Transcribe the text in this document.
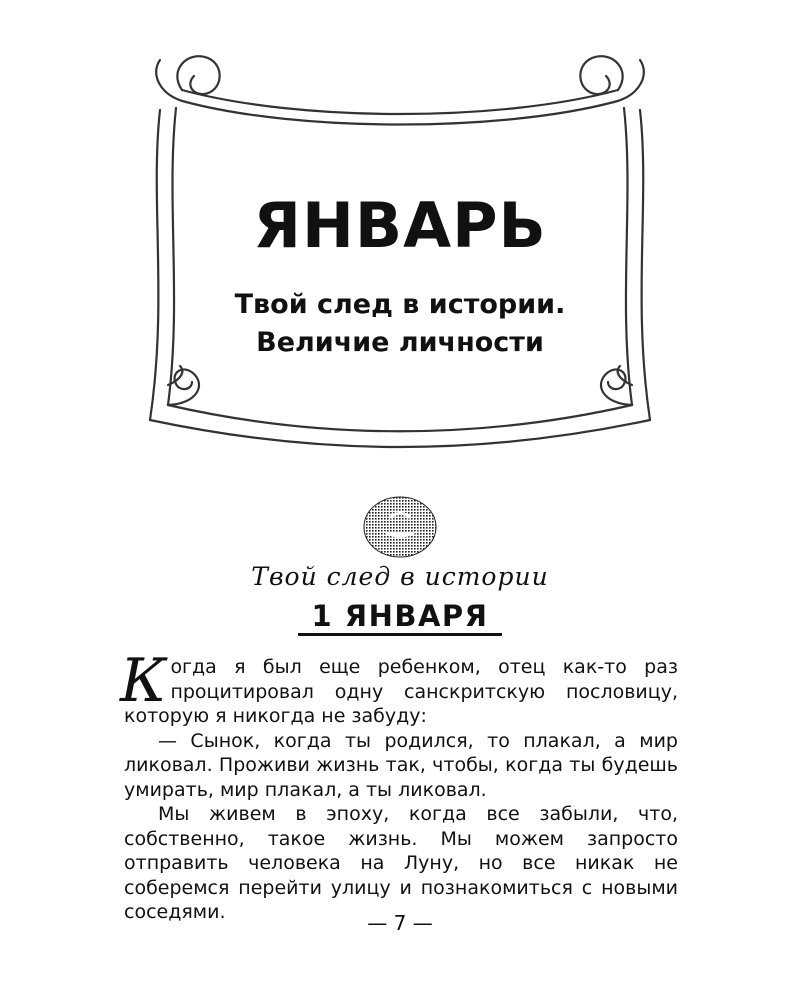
ЯНВАРЬ
Твой след в истории.
Величие личности
Твой след в истории
1 ЯНВАРЯ

Когда я был еще ребенком, отец как-то раз процитировал одну санскритскую пословицу, которую я никогда не забуду:

— Сынок, когда ты родился, то плакал, а мир ликовал. Проживи жизнь так, чтобы, когда ты будешь умирать, мир плакал, а ты ликовал.

Мы живем в эпоху, когда все забыли, что, собственно, такое жизнь. Мы можем запросто отправить человека на Луну, но все никак не соберемся перейти улицу и познакомиться с новыми соседями.	— 7 —
